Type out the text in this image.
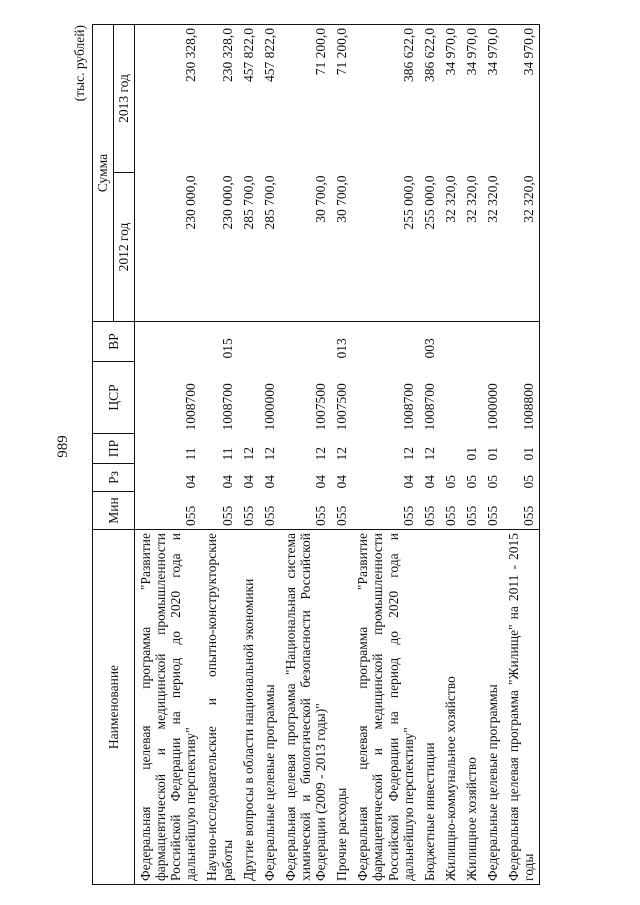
989
(тыс. рублей)
Наименование	Мин	Рз	ПР	ЦСР	ВР	Сумма	
						2012 год	2013 год
Федеральная целевая программа "Развитие фармацевтической и медицинской промышленности Российской Федерации на период до 2020 года и дальнейшую перспективу"	055	04	11	1008700		230 000,0	230 328,0
Научно-исследовательские и опытно-конструкторские работы	055	04	11	1008700	015	230 000,0	230 328,0
Другие вопросы в области национальной экономики	055	04	12			285 700,0	457 822,0
Федеральные целевые программы	055	04	12	1000000		285 700,0	457 822,0
Федеральная целевая программа "Национальная система химической и биологической безопасности Российской Федерации (2009 - 2013 годы)"	055	04	12	1007500		30 700,0	71 200,0
Прочие расходы	055	04	12	1007500	013	30 700,0	71 200,0
Федеральная целевая программа "Развитие фармацевтической и медицинской промышленности Российской Федерации на период до 2020 года и дальнейшую перспективу"	055	04	12	1008700		255 000,0	386 622,0
Бюджетные инвестиции	055	04	12	1008700	003	255 000,0	386 622,0
Жилищно-коммунальное хозяйство	055	05				32 320,0	34 970,0
Жилищное хозяйство	055	05	01			32 320,0	34 970,0
Федеральные целевые программы	055	05	01	1000000		32 320,0	34 970,0
Федеральная целевая программа "Жилище" на 2011 - 2015 годы	055	05	01	1008800		32 320,0	34 970,0
